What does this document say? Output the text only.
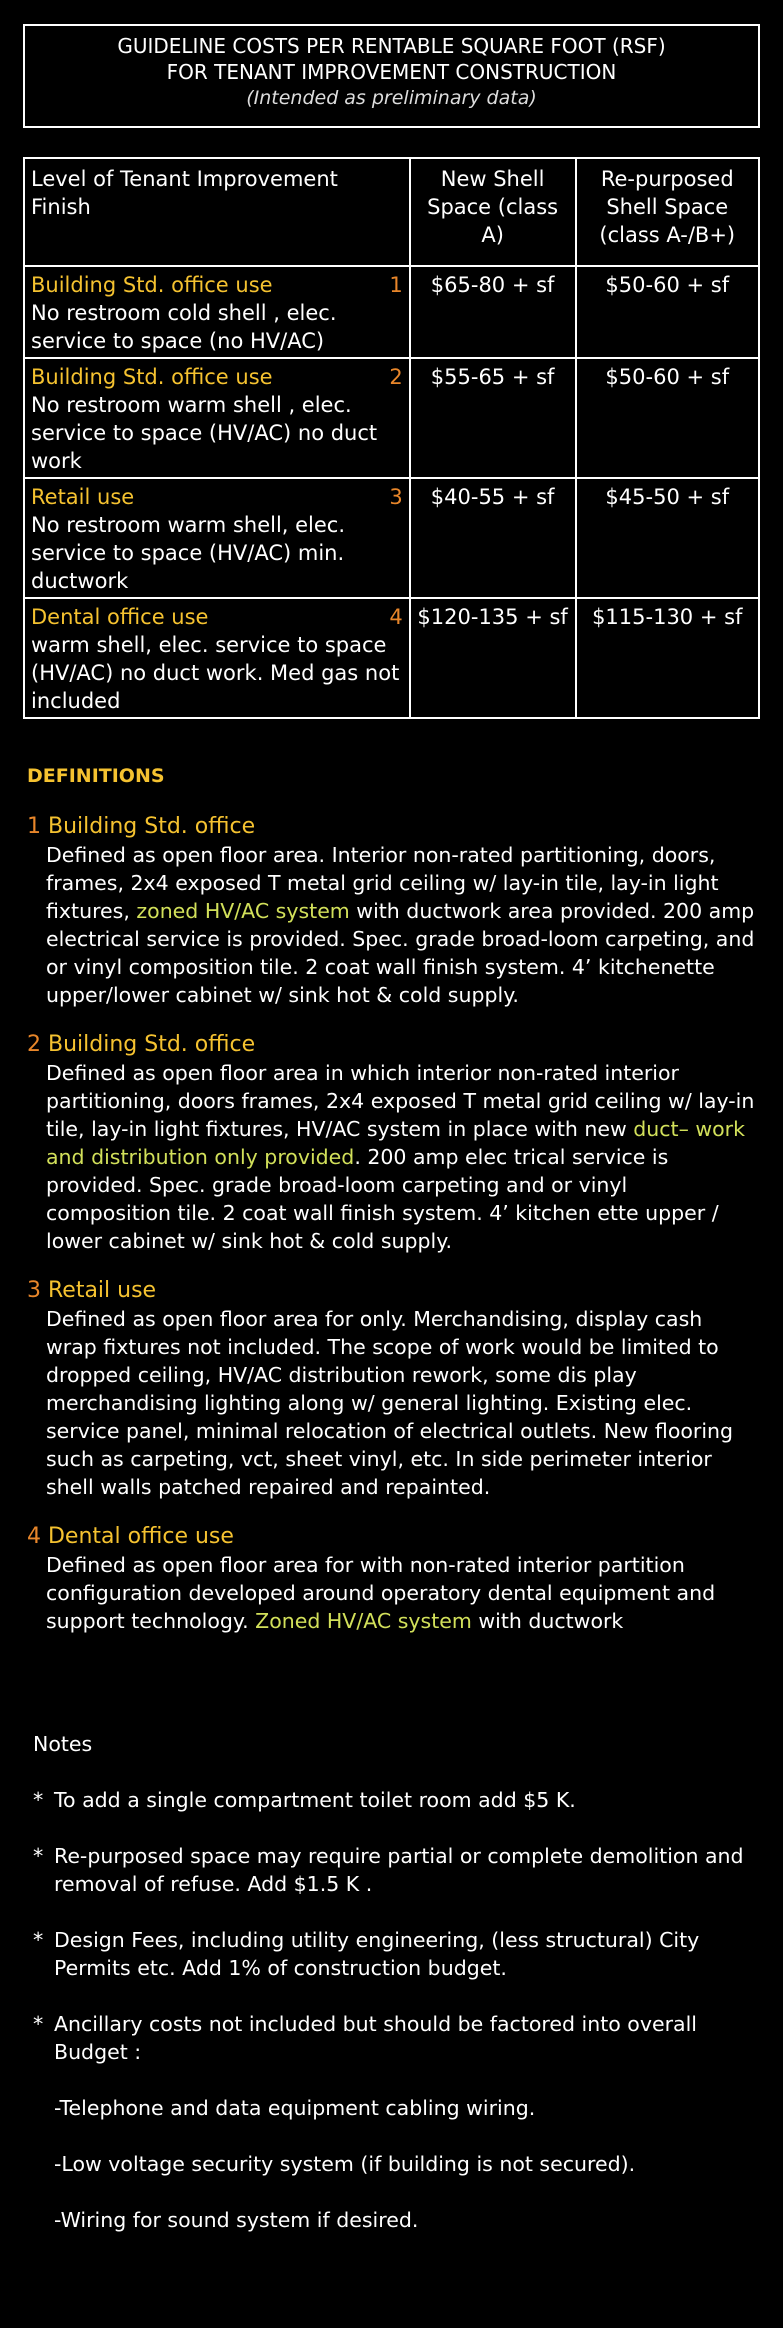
GUIDELINE COSTS PER RENTABLE SQUARE FOOT (RSF)
FOR TENANT IMPROVEMENT CONSTRUCTION
(Intended as preliminary data)
Level of Tenant Improvement Finish	New Shell Space (class A)	Re-purposed Shell Space (class A-/B+)

Building Std. office use 1
No restroom cold shell , elec. service to space (no HV/AC)	$65-80 + sf	$50-60 + sf

Building Std. office use 2
No restroom warm shell , elec. service to space (HV/AC) no duct work	$55-65 + sf	$50-60 + sf

Retail use 3
No restroom warm shell, elec. service to space (HV/AC) min. ductwork	$40-55 + sf	$45-50 + sf

Dental office use 4
warm shell, elec. service to space (HV/AC) no duct work. Med gas not included	$120-135 + sf	$115-130 + sf
DEFINITIONS
1 Building Std. office
Defined as open floor area. Interior non-rated partitioning, doors, frames, 2x4 exposed T metal grid ceiling w/ lay-in tile, lay-in light fixtures, zoned HV/AC system with ductwork area provided. 200 amp electrical service is provided. Spec. grade broad-loom carpeting, and or vinyl composition tile. 2 coat wall finish system. 4’ kitchenette upper/lower cabinet w/ sink hot & cold supply.
2 Building Std. office
Defined as open floor area in which interior non-rated interior partitioning, doors frames, 2x4 exposed T metal grid ceiling w/ lay-in tile, lay-in light fixtures, HV/AC system in place with new duct– work and distribution only provided. 200 amp elec trical service is provided. Spec. grade broad-loom carpeting and or vinyl composition tile. 2 coat wall finish system. 4’ kitchen ette upper / lower cabinet w/ sink hot & cold supply.
3 Retail use
Defined as open floor area for only. Merchandising, display cash wrap fixtures not included. The scope of work would be limited to dropped ceiling, HV/AC distribution rework, some dis play merchandising lighting along w/ general lighting. Existing elec. service panel, minimal relocation of electrical outlets. New flooring such as carpeting, vct, sheet vinyl, etc. In side perimeter interior shell walls patched repaired and repainted.
4 Dental office use
Defined as open floor area for with non-rated interior partition configuration developed around operatory dental equipment and support technology. Zoned HV/AC system with ductwork
Notes
* To add a single compartment toilet room add $5 K.
* Re-purposed space may require partial or complete demolition and removal of refuse. Add $1.5 K .
* Design Fees, including utility engineering, (less structural) City Permits etc. Add 1% of construction budget.
* Ancillary costs not included but should be factored into overall Budget :
-Telephone and data equipment cabling wiring.
-Low voltage security system (if building is not secured).
-Wiring for sound system if desired.
